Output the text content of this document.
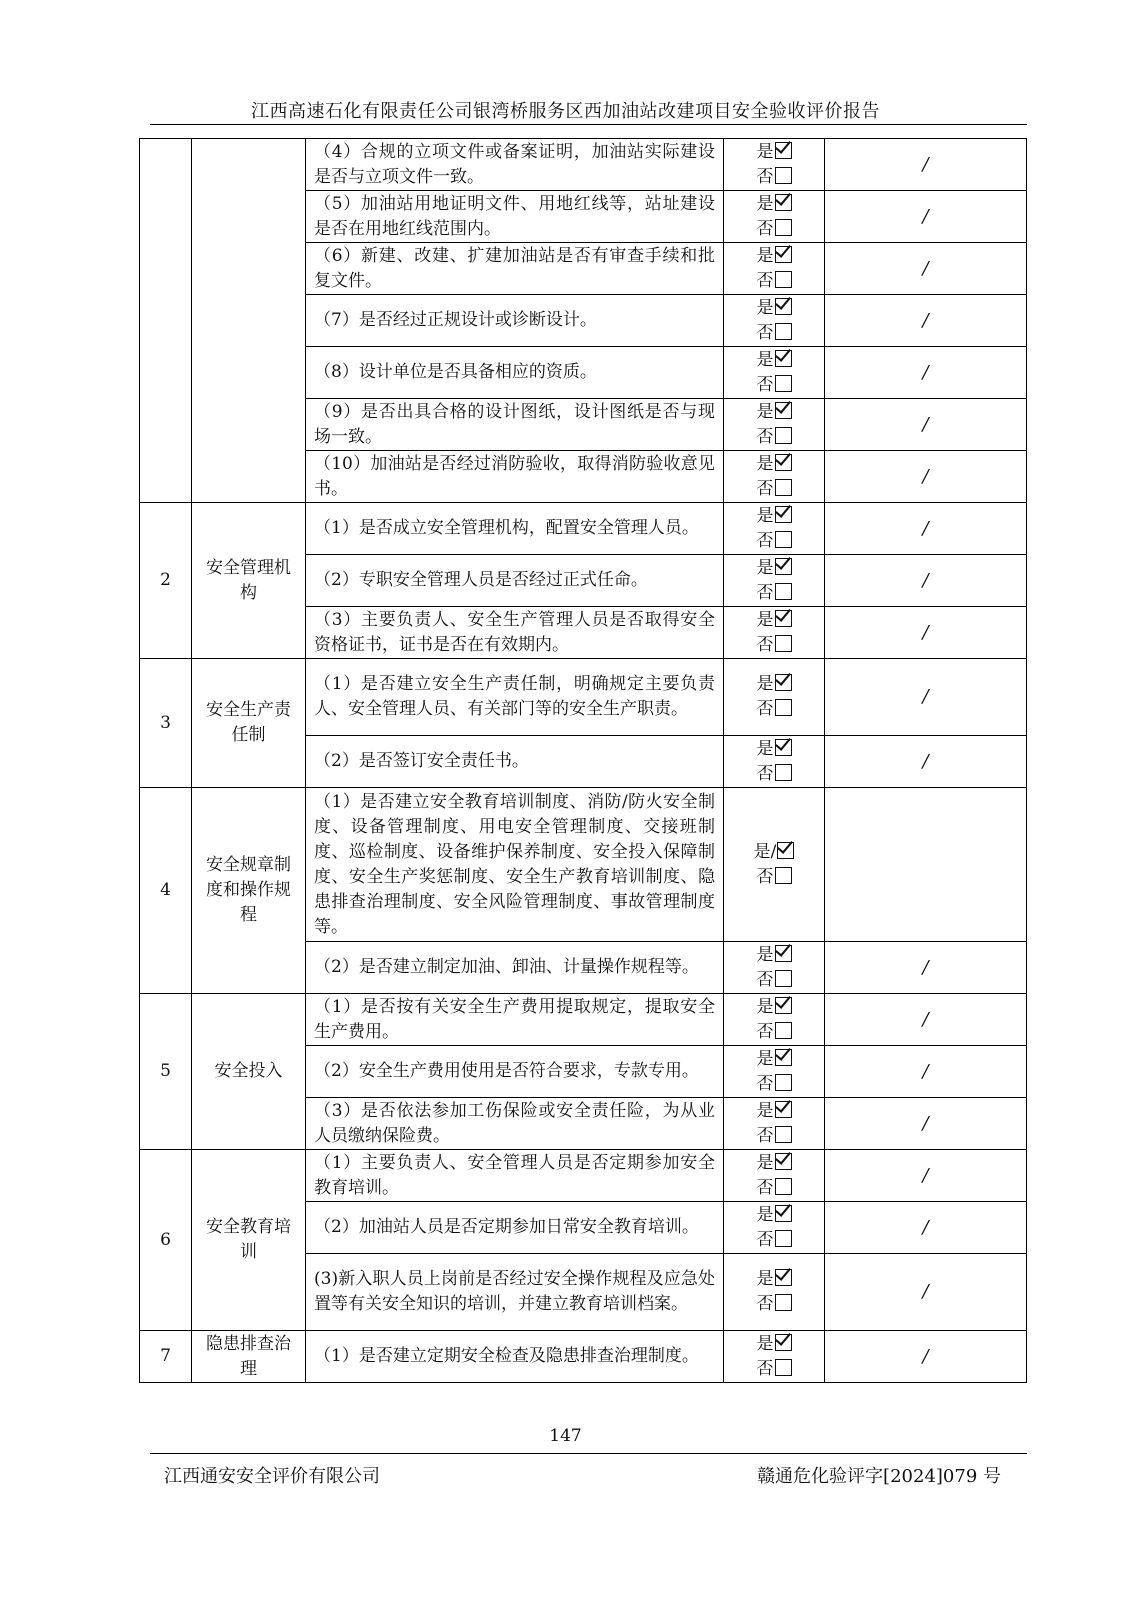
江西高速石化有限责任公司银湾桥服务区西加油站改建项目安全验收评价报告
		（4）合规的立项文件或备案证明，加油站实际建设是否与立项文件一致。	是
否	/
		（5）加油站用地证明文件、用地红线等，站址建设是否在用地红线范围内。	是
否	/
		（6）新建、改建、扩建加油站是否有审查手续和批复文件。	是
否	/
		（7）是否经过正规设计或诊断设计。	是
否	/
		（8）设计单位是否具备相应的资质。	是
否	/
		（9）是否出具合格的设计图纸，设计图纸是否与现场一致。	是
否	/
		（10）加油站是否经过消防验收，取得消防验收意见书。	是
否	/
2	安全管理机构	（1）是否成立安全管理机构，配置安全管理人员。	是
否	/
		（2）专职安全管理人员是否经过正式任命。	是
否	/
		（3）主要负责人、安全生产管理人员是否取得安全资格证书，证书是否在有效期内。	是
否	/
3	安全生产责任制	（1）是否建立安全生产责任制，明确规定主要负责人、安全管理人员、有关部门等的安全生产职责。	是
否	/
		（2）是否签订安全责任书。	是
否	/
4	安全规章制度和操作规程	（1）是否建立安全教育培训制度、消防/防火安全制度、设备管理制度、用电安全管理制度、交接班制度、巡检制度、设备维护保养制度、安全投入保障制度、安全生产奖惩制度、安全生产教育培训制度、隐患排查治理制度、安全风险管理制度、事故管理制度等。	是/
否	

		（2）是否建立制定加油、卸油、计量操作规程等。	是
否	/
5	安全投入	（1）是否按有关安全生产费用提取规定，提取安全生产费用。	是
否	/
		（2）安全生产费用使用是否符合要求，专款专用。	是
否	/
		（3）是否依法参加工伤保险或安全责任险，为从业人员缴纳保险费。	是
否	/
6	安全教育培训	（1）主要负责人、安全管理人员是否定期参加安全教育培训。	是
否	/
		（2）加油站人员是否定期参加日常安全教育培训。	是
否	/
		(3)新入职人员上岗前是否经过安全操作规程及应急处置等有关安全知识的培训，并建立教育培训档案。	是
否	/
7	隐患排查治理	（1）是否建立定期安全检查及隐患排查治理制度。	是
否	/
147
江西通安安全评价有限公司	赣通危化验评字[2024]079 号
